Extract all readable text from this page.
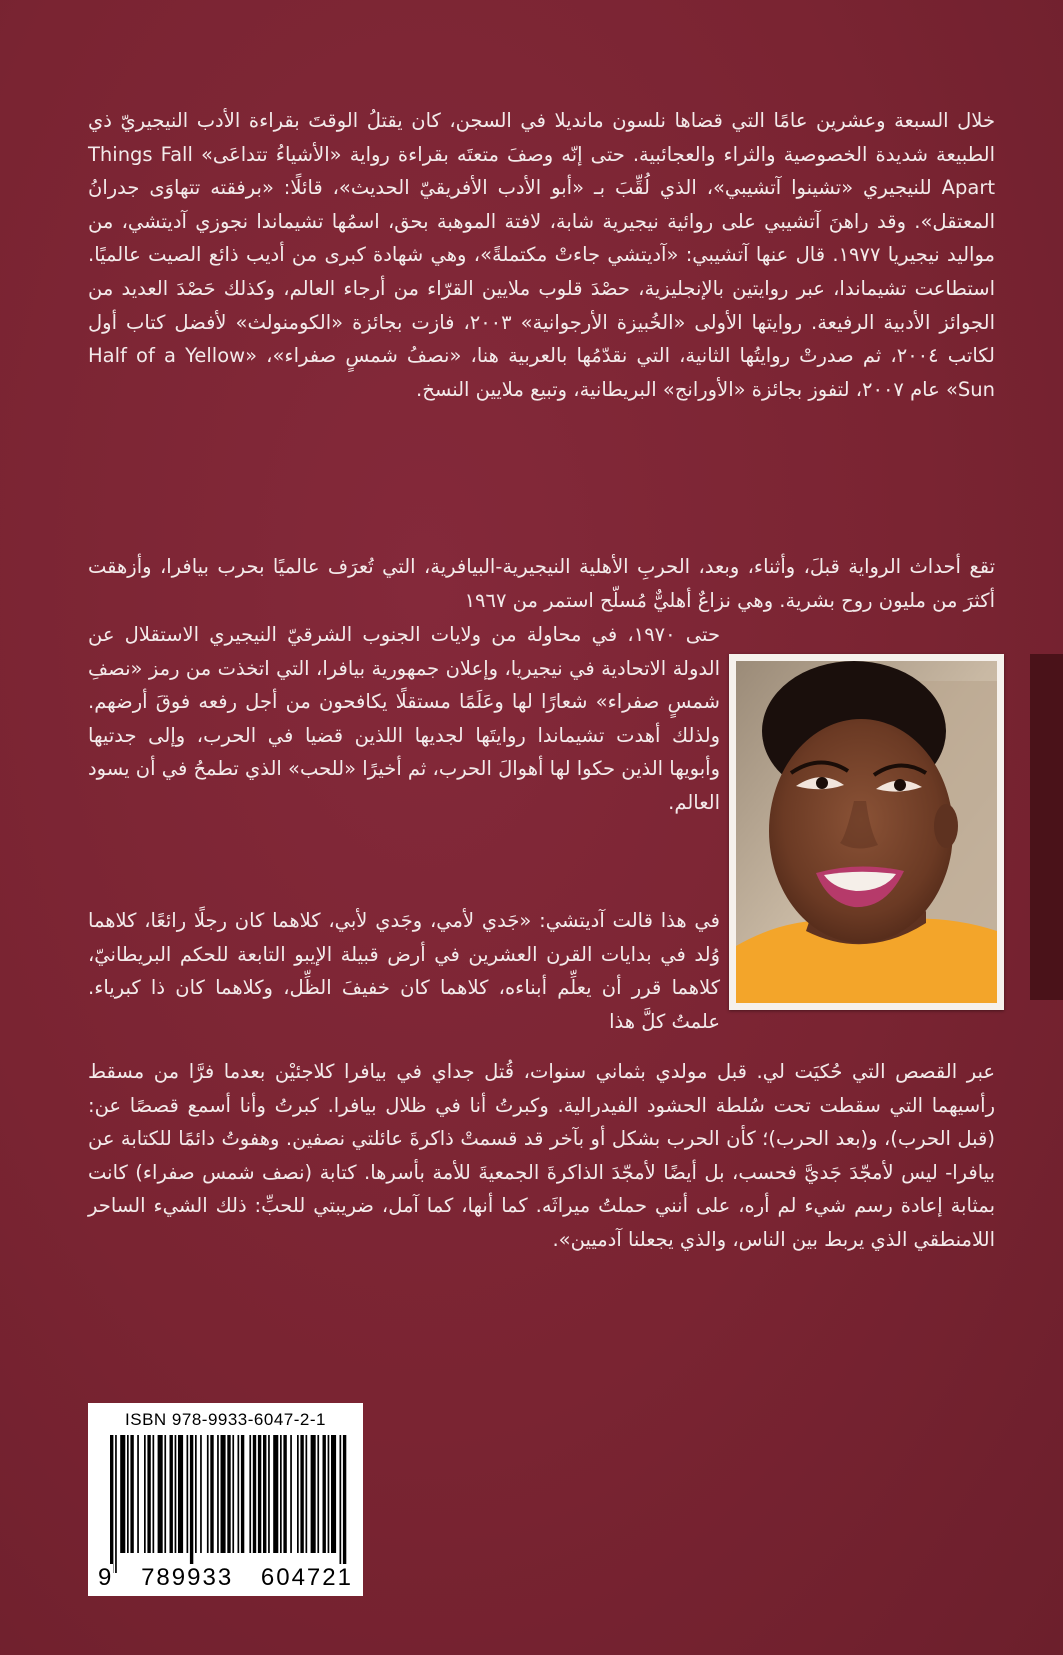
خلال السبعة وعشرين عامًا التي قضاها نلسون مانديلا في السجن، كان يقتلُ الوقتَ بقراءة الأدب النيجيريّ ذي الطبيعة شديدة الخصوصية والثراء والعجائبية. حتى إنّه وصفَ متعتَه بقراءة رواية «الأشياءُ تتداعَى» Things Fall Apart للنيجيري «تشينوا آتشيبي»، الذي لُقِّبَ بـ «أبو الأدب الأفريقيّ الحديث»، قائلًا: «برفقته تتهاوَى جدرانُ المعتقل». وقد راهنَ آتشيبي على روائية نيجيرية شابة، لافتة الموهبة بحق، اسمُها تشيماندا نجوزي آديتشي، من مواليد نيجيريا ١٩٧٧. قال عنها آتشيبي: «آديتشي جاءتْ مكتملةً»، وهي شهادة كبرى من أديب ذائع الصيت عالميًا. استطاعت تشيماندا، عبر روايتين بالإنجليزية، حصْدَ قلوب ملايين القرّاء من أرجاء العالم، وكذلك حَصْدَ العديد من الجوائز الأدبية الرفيعة. روايتها الأولى «الخُبيزة الأرجوانية» ٢٠٠٣، فازت بجائزة «الكومنولث» لأفضل كتاب أول لكاتب ٢٠٠٤، ثم صدرتْ روايتُها الثانية، التي نقدّمُها بالعربية هنا، «نصفُ شمسٍ صفراء»، «Half of a Yellow Sun» عام ٢٠٠٧، لتفوز بجائزة «الأورانج» البريطانية، وتبيع ملايين النسخ.

تقع أحداث الرواية قبلَ، وأثناء، وبعد، الحربِ الأهلية النيجيرية-البيافرية، التي تُعرَف عالميًا بحرب بيافرا، وأزهقت أكثرَ من مليون روح بشرية. وهي نزاعٌ أهليٌّ مُسلّح استمر من ١٩٦٧

حتى ١٩٧٠، في محاولة من ولايات الجنوب الشرقيّ النيجيري الاستقلال عن الدولة الاتحادية في نيجيريا، وإعلان جمهورية بيافرا، التي اتخذت من رمز «نصفِ شمسٍ صفراء» شعارًا لها وعَلَمًا مستقلًا يكافحون من أجل رفعه فوقَ أرضهم. ولذلك أهدت تشيماندا روايتَها لجديها اللذين قضيا في الحرب، وإلى جدتيها وأبويها الذين حكوا لها أهوالَ الحرب، ثم أخيرًا «للحب» الذي تطمحُ في أن يسود العالم.

في هذا قالت آديتشي: «جَدي لأمي، وجَدي لأبي، كلاهما كان رجلًا رائعًا، كلاهما وُلد في بدايات القرن العشرين في أرض قبيلة الإيبو التابعة للحكم البريطانيّ، كلاهما قرر أن يعلِّم أبناءه، كلاهما كان خفيفَ الظِّل، وكلاهما كان ذا كبرياء. علمتُ كلَّ هذا

عبر القصص التي حُكيَت لي. قبل مولدي بثماني سنوات، قُتل جداي في بيافرا كلاجئيْن بعدما فرَّا من مسقط رأسيهما التي سقطت تحت سُلطة الحشود الفيدرالية. وكبرتُ أنا في ظلال بيافرا. كبرتُ وأنا أسمع قصصًا عن: (قبل الحرب)، و(بعد الحرب)؛ كأن الحرب بشكل أو بآخر قد قسمتْ ذاكرةَ عائلتي نصفين. وهفوتُ دائمًا للكتابة عن بيافرا- ليس لأمجّدَ جَديَّ فحسب، بل أيضًا لأمجّدَ الذاكرةَ الجمعيةَ للأمة بأسرها. كتابة (نصف شمس صفراء) كانت بمثابة إعادة رسم شيء لم أره، على أنني حملتُ ميراثَه. كما أنها، كما آمل، ضريبتي للحبِّ: ذلك الشيء الساحر اللامنطقي الذي يربط بين الناس، والذي يجعلنا آدميين».

ISBN 978-9933-6047-2-1
9 789933 604721
